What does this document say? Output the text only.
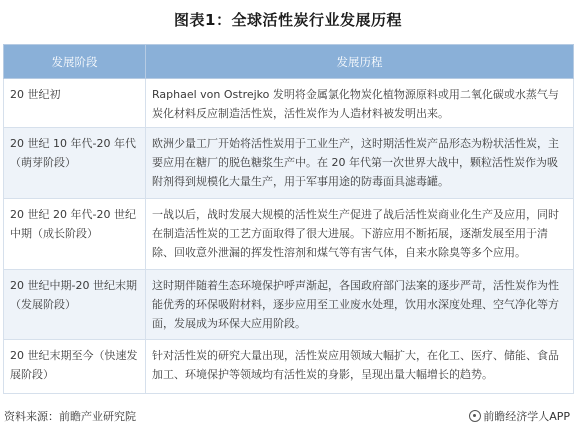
图表1：全球活性炭行业发展历程
发展阶段	发展历程
20 世纪初	Raphael von Ostrejko 发明将金属氯化物炭化植物源原料或用二氧化碳或水蒸气与炭化材料反应制造活性炭，活性炭作为人造材料被发明出来。
20 世纪 10 年代-20 年代（萌芽阶段）	欧洲少量工厂开始将活性炭用于工业生产，这时期活性炭产品形态为粉状活性炭，主要应用在糖厂的脱色糖浆生产中。在 20 年代第一次世界大战中，颗粒活性炭作为吸附剂得到规模化大量生产，用于军事用途的防毒面具滤毒罐。
20 世纪 20 年代-20 世纪中期（成长阶段）	一战以后，战时发展大规模的活性炭生产促进了战后活性炭商业化生产及应用，同时在制造活性炭的工艺方面取得了很大进展。下游应用不断拓展，逐渐发展至用于清除、回收意外泄漏的挥发性溶剂和煤气等有害气体，自来水除臭等多个应用。
20 世纪中期-20 世纪末期（发展阶段）	这时期伴随着生态环境保护呼声渐起，各国政府部门法案的逐步严苛，活性炭作为性能优秀的环保吸附材料，逐步应用至工业废水处理，饮用水深度处理、空气净化等方面，发展成为环保大应用阶段。
20 世纪末期至今（快速发展阶段）	针对活性炭的研究大量出现，活性炭应用领域大幅扩大，在化工、医疗、储能、食品加工、环境保护等领域均有活性炭的身影，呈现出量大幅增长的趋势。
资料来源：前瞻产业研究院	前瞻经济学人APP
